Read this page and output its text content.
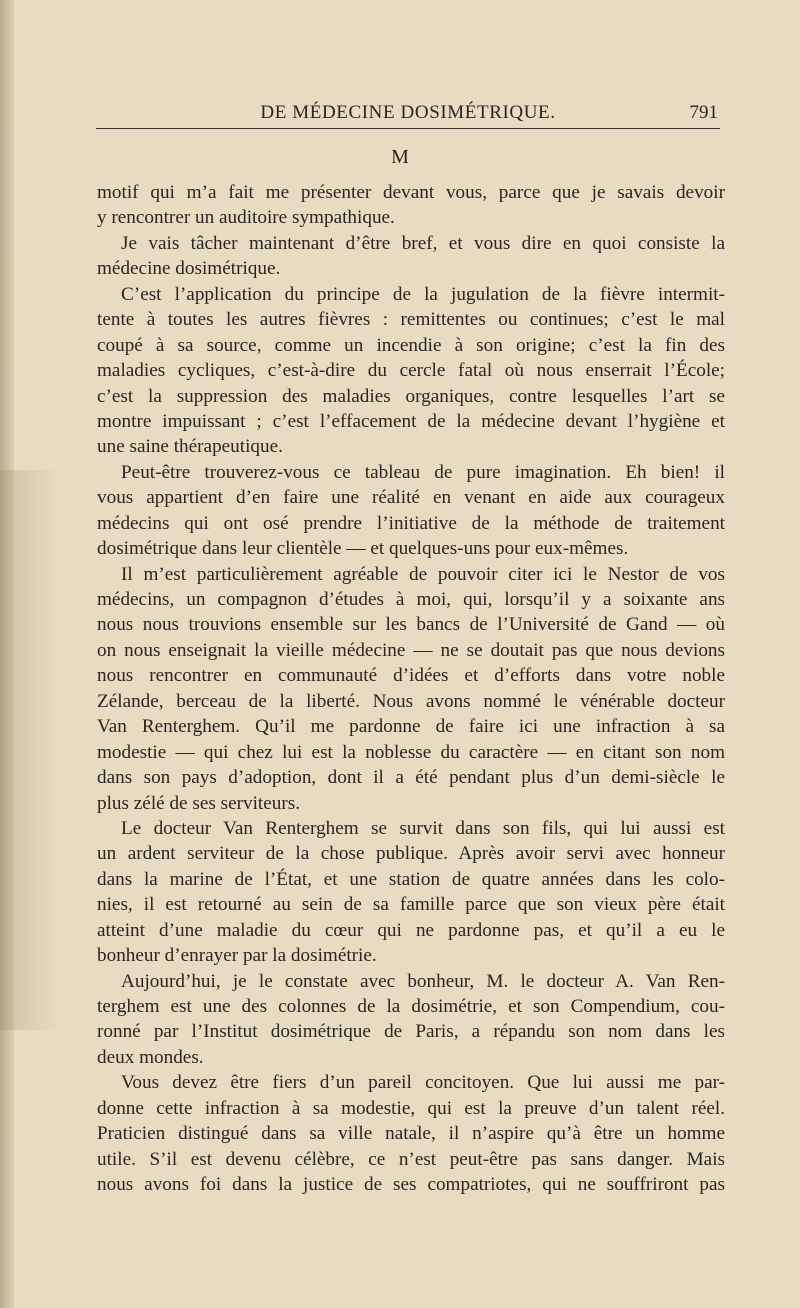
DE MÉDECINE DOSIMÉTRIQUE.	791
M
motif qui m’a fait me présenter devant vous, parce que je savais devoir
y rencontrer un auditoire sympathique.
Je vais tâcher maintenant d’être bref, et vous dire en quoi consiste la
médecine dosimétrique.
C’est l’application du principe de la jugulation de la fièvre intermit-
tente à toutes les autres fièvres : remittentes ou continues; c’est le mal
coupé à sa source, comme un incendie à son origine; c’est la fin des
maladies cycliques, c’est-à-dire du cercle fatal où nous enserrait l’École;
c’est la suppression des maladies organiques, contre lesquelles l’art se
montre impuissant ; c’est l’effacement de la médecine devant l’hygiène et
une saine thérapeutique.
Peut-être trouverez-vous ce tableau de pure imagination. Eh bien! il
vous appartient d’en faire une réalité en venant en aide aux courageux
médecins qui ont osé prendre l’initiative de la méthode de traitement
dosimétrique dans leur clientèle — et quelques-uns pour eux-mêmes.
Il m’est particulièrement agréable de pouvoir citer ici le Nestor de vos
médecins, un compagnon d’études à moi, qui, lorsqu’il y a soixante ans
nous nous trouvions ensemble sur les bancs de l’Université de Gand — où
on nous enseignait la vieille médecine — ne se doutait pas que nous devions
nous rencontrer en communauté d’idées et d’efforts dans votre noble
Zélande, berceau de la liberté. Nous avons nommé le vénérable docteur
Van Renterghem. Qu’il me pardonne de faire ici une infraction à sa
modestie — qui chez lui est la noblesse du caractère — en citant son nom
dans son pays d’adoption, dont il a été pendant plus d’un demi-siècle le
plus zélé de ses serviteurs.
Le docteur Van Renterghem se survit dans son fils, qui lui aussi est
un ardent serviteur de la chose publique. Après avoir servi avec honneur
dans la marine de l’État, et une station de quatre années dans les colo-
nies, il est retourné au sein de sa famille parce que son vieux père était
atteint d’une maladie du cœur qui ne pardonne pas, et qu’il a eu le
bonheur d’enrayer par la dosimétrie.
Aujourd’hui, je le constate avec bonheur, M. le docteur A. Van Ren-
terghem est une des colonnes de la dosimétrie, et son Compendium, cou-
ronné par l’Institut dosimétrique de Paris, a répandu son nom dans les
deux mondes.
Vous devez être fiers d’un pareil concitoyen. Que lui aussi me par-
donne cette infraction à sa modestie, qui est la preuve d’un talent réel.
Praticien distingué dans sa ville natale, il n’aspire qu’à être un homme
utile. S’il est devenu célèbre, ce n’est peut-être pas sans danger. Mais
nous avons foi dans la justice de ses compatriotes, qui ne souffriront pas
